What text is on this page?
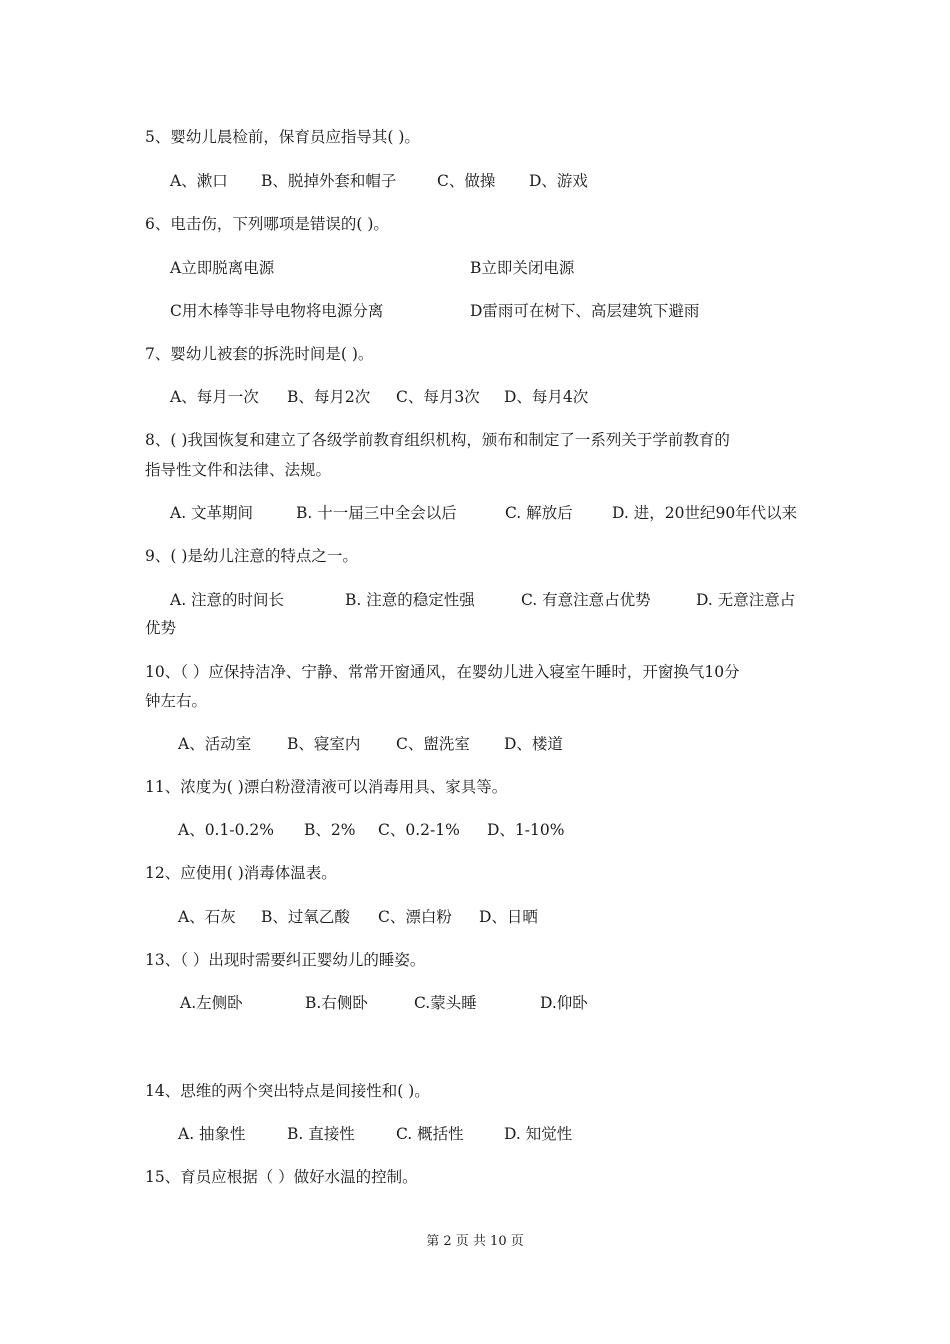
5、婴幼儿晨检前，保育员应指导其( )。
A、漱口 B、脱掉外套和帽子	C、做操 D、游戏
6、电击伤，下列哪项是错误的( )。
A立即脱离电源	B立即关闭电源
C用木棒等非导电物将电源分离	D雷雨可在树下、高层建筑下避雨
7、婴幼儿被套的拆洗时间是( )。
A、每月一次 B、每月2次 C、每月3次 D、每月4次
8、( )我国恢复和建立了各级学前教育组织机构，颁布和制定了一系列关于学前教育的
指导性文件和法律、法规。
A. 文革期间	B. 十一届三中全会以后	C. 解放后	D. 进，20世纪90年代以来
9、( )是幼儿注意的特点之一。
A. 注意的时间长	B. 注意的稳定性强	C. 有意注意占优势	D. 无意注意占
优势
10、（ ）应保持洁净、宁静、常常开窗通风，在婴幼儿进入寝室午睡时，开窗换气10分
钟左右。
A、活动室 B、寝室内 C、盥洗室 D、楼道
11、浓度为( )漂白粉澄清液可以消毒用具、家具等。
A、0.1-0.2% B、2% C、0.2-1% D、1-10%
12、应使用( )消毒体温表。
A、石灰 B、过氧乙酸 C、漂白粉 D、日晒
13、（ ）出现时需要纠正婴幼儿的睡姿。
A.左侧卧	B.右侧卧	C.蒙头睡	D.仰卧
14、思维的两个突出特点是间接性和( )。
A. 抽象性	B. 直接性	C. 概括性	D. 知觉性
15、育员应根据（ ）做好水温的控制。
第 2 页 共 10 页
